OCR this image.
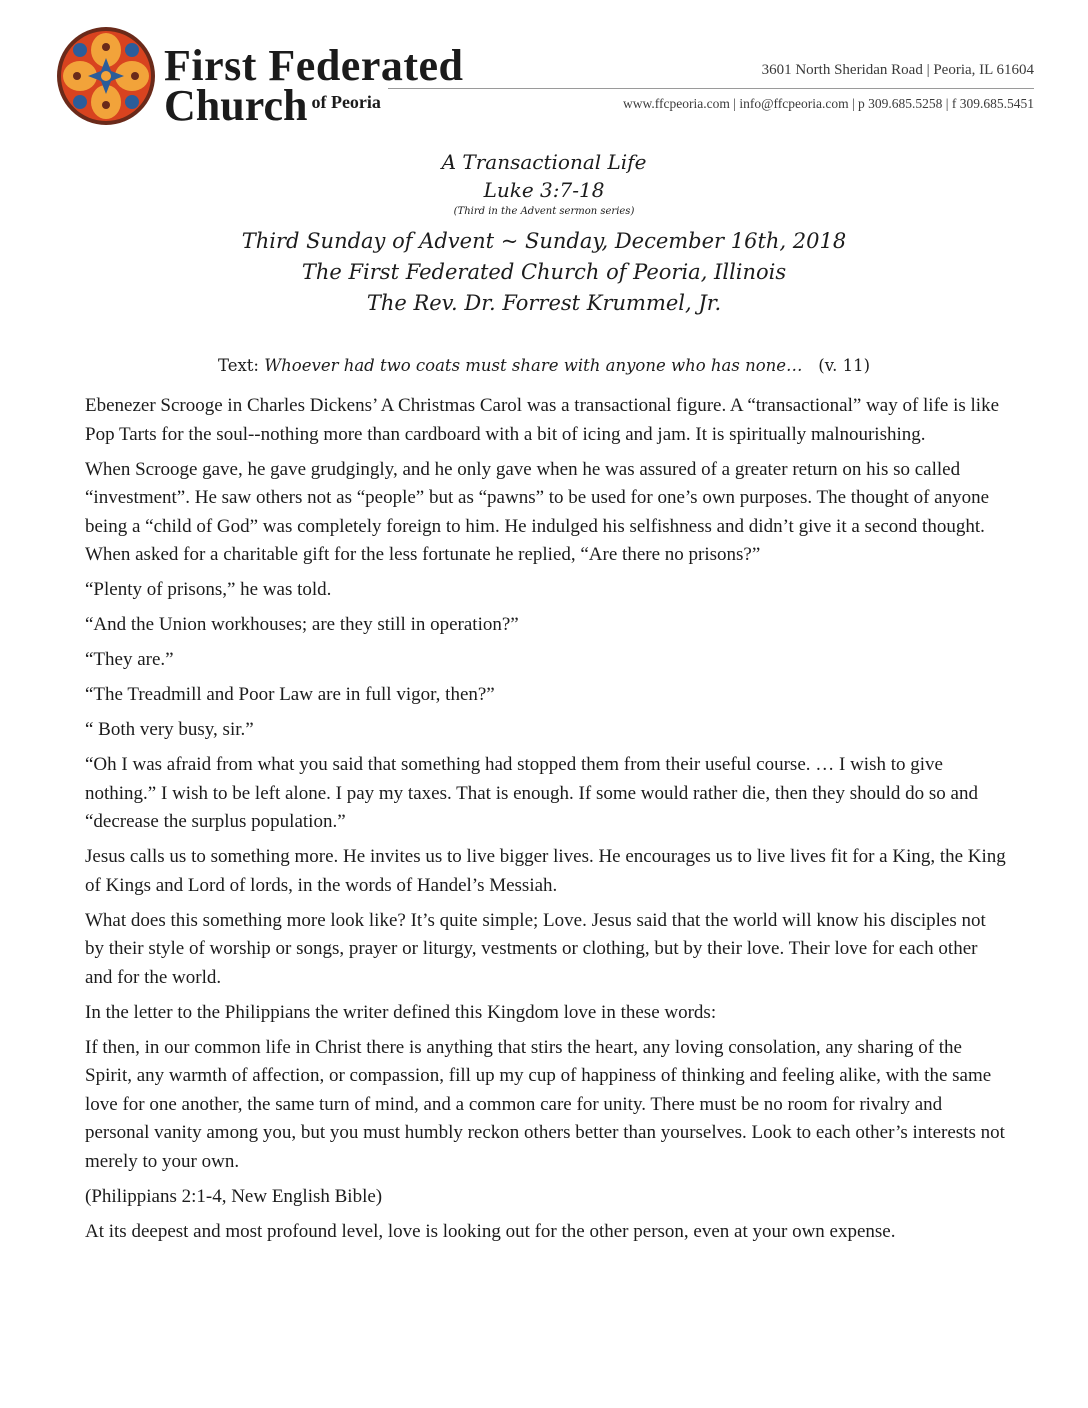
First Federated
Church $^{of Peoria}$
3601 North Sheridan Road | Peoria, IL 61604
www.ffcpeoria.com | info@ffcpeoria.com | p 309.685.5258 | f 309.685.5451
A Transactional Life
Luke 3:7-18
(Third in the Advent sermon series)
Third Sunday of Advent ~ Sunday, December 16th, 2018
The First Federated Church of Peoria, Illinois
The Rev. Dr. Forrest Krummel, Jr.
Text: Whoever had two coats must share with anyone who has none…   (v. 11)

Ebenezer Scrooge in Charles Dickens’ A Christmas Carol was a transactional figure. A “transactional” way of life is like Pop Tarts for the soul--nothing more than cardboard with a bit of icing and jam. It is spiritually malnourishing.

When Scrooge gave, he gave grudgingly, and he only gave when he was assured of a greater return on his so called “investment”. He saw others not as “people” but as “pawns” to be used for one’s own purposes. The thought of anyone being a “child of God” was completely foreign to him. He indulged his selfishness and didn’t give it a second thought. When asked for a charitable gift for the less fortunate he replied, “Are there no prisons?”

“Plenty of prisons,” he was told.

“And the Union workhouses; are they still in operation?”

“They are.”

“The Treadmill and Poor Law are in full vigor, then?”

“ Both very busy, sir.”

“Oh I was afraid from what you said that something had stopped them from their useful course. … I wish to give nothing.” I wish to be left alone. I pay my taxes. That is enough. If some would rather die, then they should do so and “decrease the surplus population.”

Jesus calls us to something more. He invites us to live bigger lives. He encourages us to live lives fit for a King, the King of Kings and Lord of lords, in the words of Handel’s Messiah.

What does this something more look like? It’s quite simple; Love. Jesus said that the world will know his disciples not by their style of worship or songs, prayer or liturgy, vestments or clothing, but by their love. Their love for each other and for the world.

In the letter to the Philippians the writer defined this Kingdom love in these words:

If then, in our common life in Christ there is anything that stirs the heart, any loving consolation, any sharing of the Spirit, any warmth of affection, or compassion, fill up my cup of happiness of thinking and feeling alike, with the same love for one another, the same turn of mind, and a common care for unity. There must be no room for rivalry and personal vanity among you, but you must humbly reckon others better than yourselves. Look to each other’s interests not merely to your own.

(Philippians 2:1-4, New English Bible)

At its deepest and most profound level, love is looking out for the other person, even at your own expense.
